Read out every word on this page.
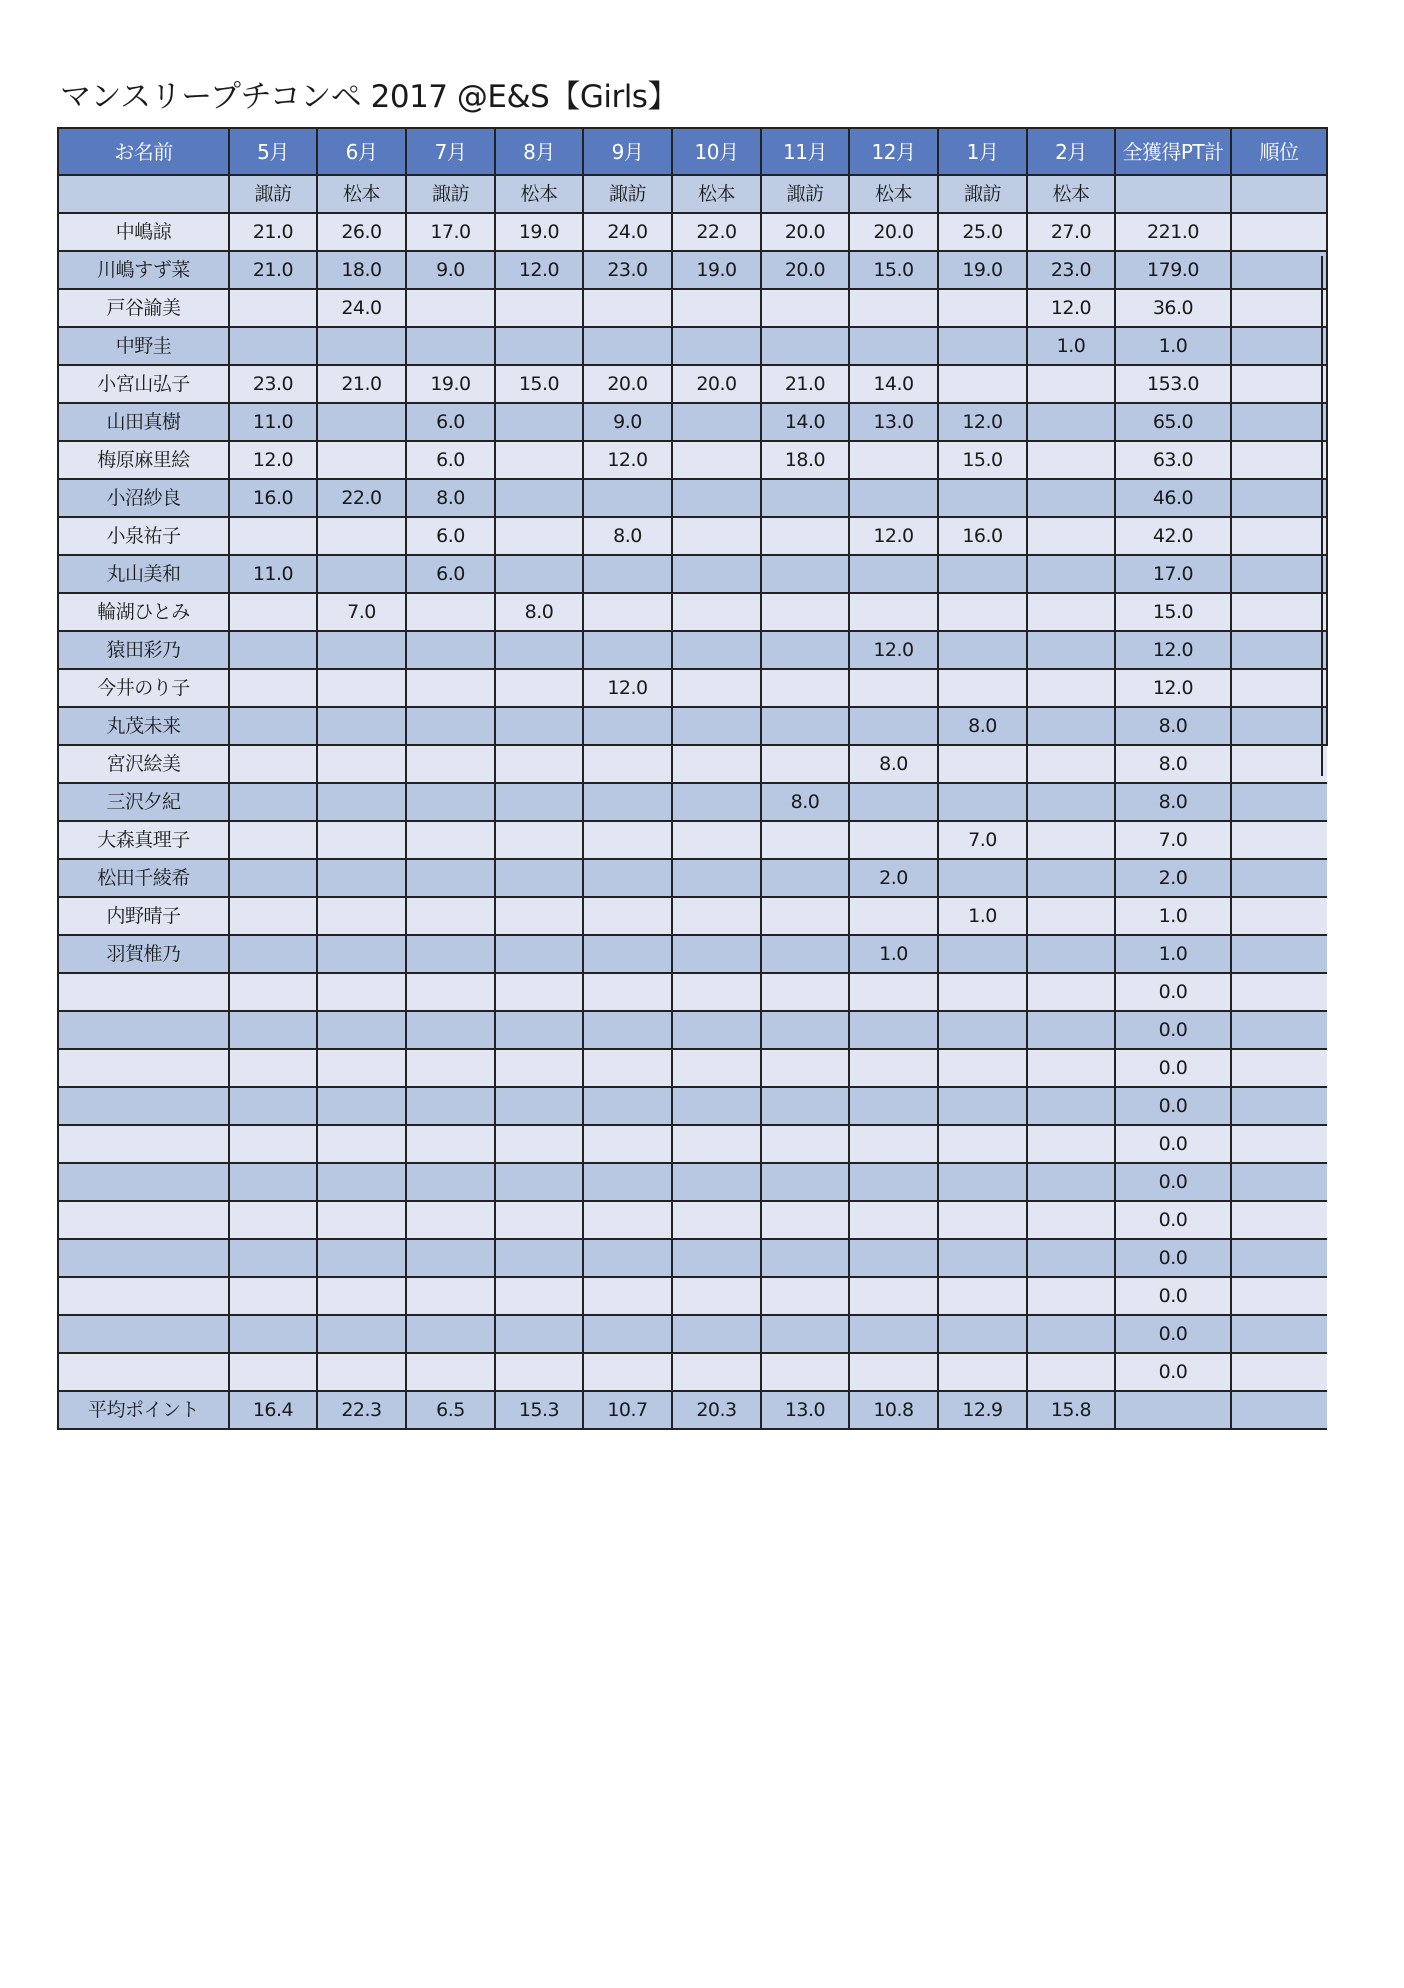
マンスリープチコンペ 2017 @E&S【Girls】
お名前	5月	6月	7月	8月	9月	10月	11月	12月	1月	2月	全獲得PT計	順位
	諏訪	松本	諏訪	松本	諏訪	松本	諏訪	松本	諏訪	松本		
中嶋諒	21.0	26.0	17.0	19.0	24.0	22.0	20.0	20.0	25.0	27.0	221.0	
川嶋すず菜	21.0	18.0	9.0	12.0	23.0	19.0	20.0	15.0	19.0	23.0	179.0	
戸谷諭美		24.0								12.0	36.0	
中野圭										1.0	1.0	
小宮山弘子	23.0	21.0	19.0	15.0	20.0	20.0	21.0	14.0			153.0	
山田真樹	11.0		6.0		9.0		14.0	13.0	12.0		65.0	
梅原麻里絵	12.0		6.0		12.0		18.0		15.0		63.0	
小沼紗良	16.0	22.0	8.0								46.0	
小泉祐子			6.0		8.0			12.0	16.0		42.0	
丸山美和	11.0		6.0								17.0	
輪湖ひとみ		7.0		8.0							15.0	
猿田彩乃								12.0			12.0	
今井のり子					12.0						12.0	
丸茂未来									8.0		8.0	
宮沢絵美								8.0			8.0	
三沢夕紀							8.0				8.0	
大森真理子									7.0		7.0	
松田千綾希								2.0			2.0	
内野晴子									1.0		1.0	
羽賀椎乃								1.0			1.0	
											0.0	
											0.0	
											0.0	
											0.0	
											0.0	
											0.0	
											0.0	
											0.0	
											0.0	
											0.0	
											0.0	
平均ポイント	16.4	22.3	6.5	15.3	10.7	20.3	13.0	10.8	12.9	15.8		
